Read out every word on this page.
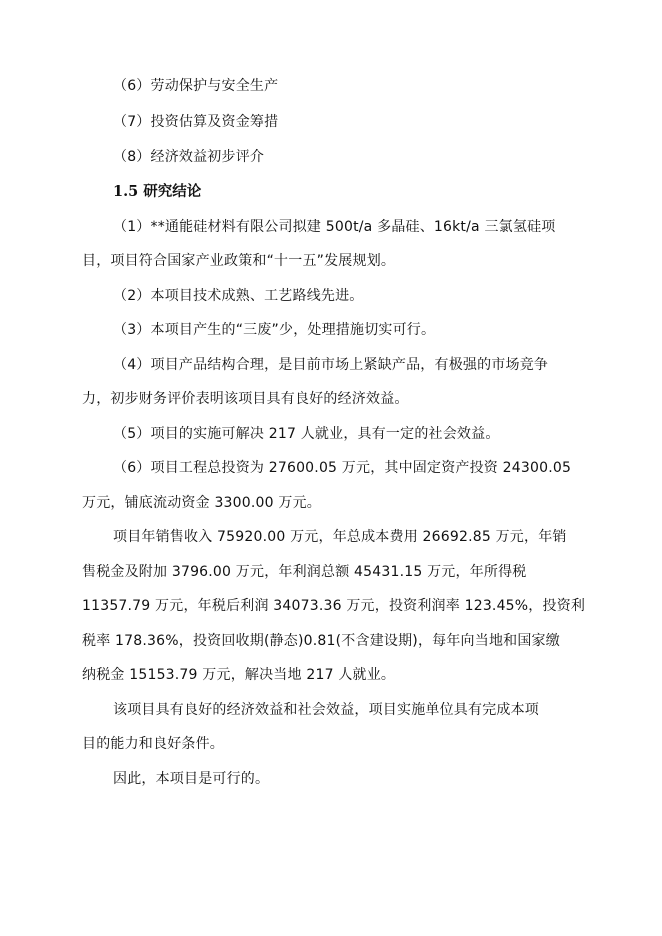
（6）劳动保护与安全生产
（7）投资估算及资金筹措
（8）经济效益初步评介
1.5 研究结论
（1）**通能硅材料有限公司拟建 500t/a 多晶硅、16kt/a 三氯氢硅项
目，项目符合国家产业政策和“十一五”发展规划。
（2）本项目技术成熟、工艺路线先进。
（3）本项目产生的“三废”少，处理措施切实可行。
（4）项目产品结构合理，是目前市场上紧缺产品，有极强的市场竞争
力，初步财务评价表明该项目具有良好的经济效益。
（5）项目的实施可解决 217 人就业，具有一定的社会效益。
（6）项目工程总投资为 27600.05 万元，其中固定资产投资 24300.05
万元，铺底流动资金 3300.00 万元。
项目年销售收入 75920.00 万元，年总成本费用 26692.85 万元，年销
售税金及附加 3796.00 万元，年利润总额 45431.15 万元，年所得税
11357.79 万元，年税后利润 34073.36 万元，投资利润率 123.45%，投资利
税率 178.36%，投资回收期(静态)0.81(不含建设期)，每年向当地和国家缴
纳税金 15153.79 万元，解决当地 217 人就业。
该项目具有良好的经济效益和社会效益，项目实施单位具有完成本项
目的能力和良好条件。
因此，本项目是可行的。
